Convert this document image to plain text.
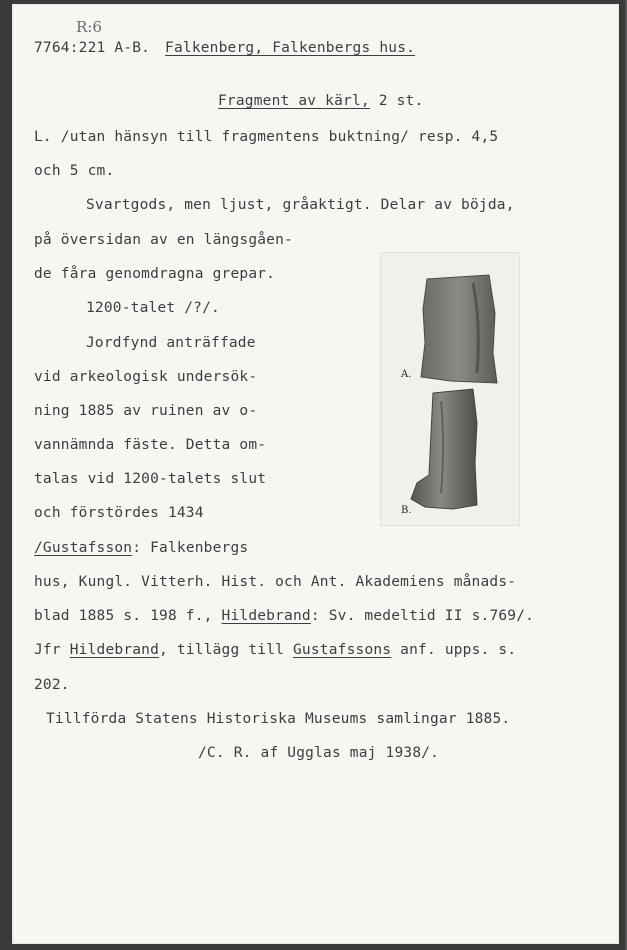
R:6
7764:221 A-B. Falkenberg, Falkenbergs hus.
Fragment av kärl, 2 st.
L. /utan hänsyn till fragmentens buktning/ resp. 4,5
och 5 cm.
Svartgods, men ljust, gråaktigt. Delar av böjda,
på översidan av en längsgåen-
de fåra genomdragna grepar.
1200-talet /?/.
Jordfynd anträffade
vid arkeologisk undersök-
ning 1885 av ruinen av o-
vannämnda fäste. Detta om-
talas vid 1200-talets slut
och förstördes 1434
/Gustafsson: Falkenbergs
hus, Kungl. Vitterh. Hist. och Ant. Akademiens månads-
blad 1885 s. 198 f., Hildebrand: Sv. medeltid II s.769/.
Jfr Hildebrand, tillägg till Gustafssons anf. upps. s.
202.
Tillförda Statens Historiska Museums samlingar 1885.
/C. R. af Ugglas maj 1938/.
A.
B.
